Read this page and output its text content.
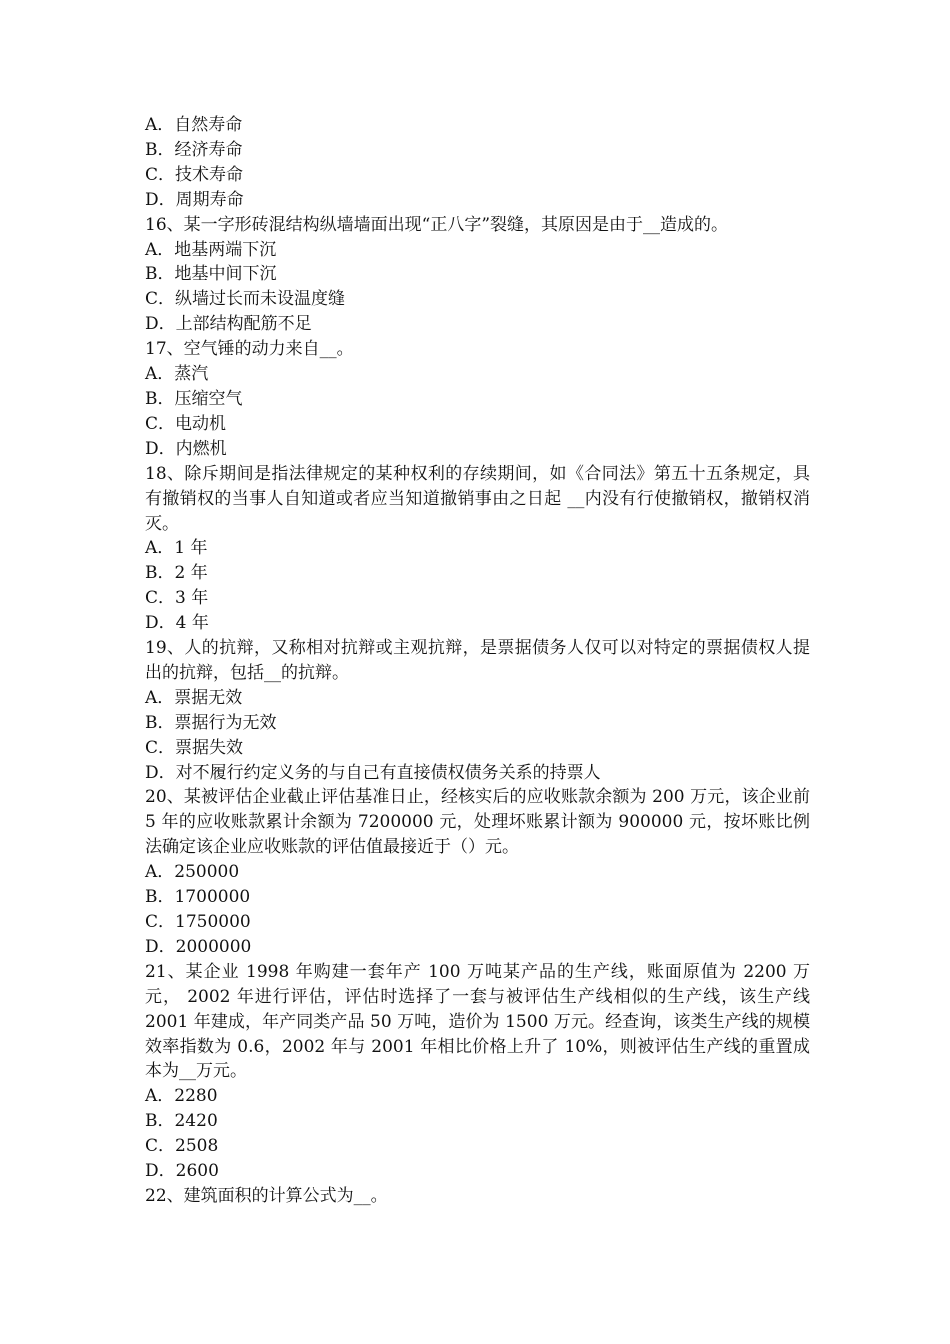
A．自然寿命
B．经济寿命
C．技术寿命
D．周期寿命
16、某一字形砖混结构纵墙墙面出现“正八字”裂缝，其原因是由于__造成的。
A．地基两端下沉
B．地基中间下沉
C．纵墙过长而未设温度缝
D．上部结构配筋不足
17、空气锤的动力来自__。
A．蒸汽
B．压缩空气
C．电动机
D．内燃机
18、除斥期间是指法律规定的某种权利的存续期间，如《合同法》第五十五条规定，具有撤销权的当事人自知道或者应当知道撤销事由之日起 __内没有行使撤销权，撤销权消灭。
A．1 年
B．2 年
C．3 年
D．4 年
19、人的抗辩，又称相对抗辩或主观抗辩，是票据债务人仅可以对特定的票据债权人提出的抗辩，包括__的抗辩。
A．票据无效
B．票据行为无效
C．票据失效
D．对不履行约定义务的与自己有直接债权债务关系的持票人
20、某被评估企业截止评估基准日止，经核实后的应收账款余额为 200 万元，该企业前 5 年的应收账款累计余额为 7200000 元，处理坏账累计额为 900000 元，按坏账比例法确定该企业应收账款的评估值最接近于（）元。
A．250000
B．1700000
C．1750000
D．2000000
21、某企业 1998 年购建一套年产 100 万吨某产品的生产线，账面原值为 2200 万元， 2002 年进行评估，评估时选择了一套与被评估生产线相似的生产线，该生产线 2001 年建成，年产同类产品 50 万吨，造价为 1500 万元。经查询，该类生产线的规模效率指数为 0.6，2002 年与 2001 年相比价格上升了 10%，则被评估生产线的重置成本为__万元。
A．2280
B．2420
C．2508
D．2600
22、建筑面积的计算公式为__。
